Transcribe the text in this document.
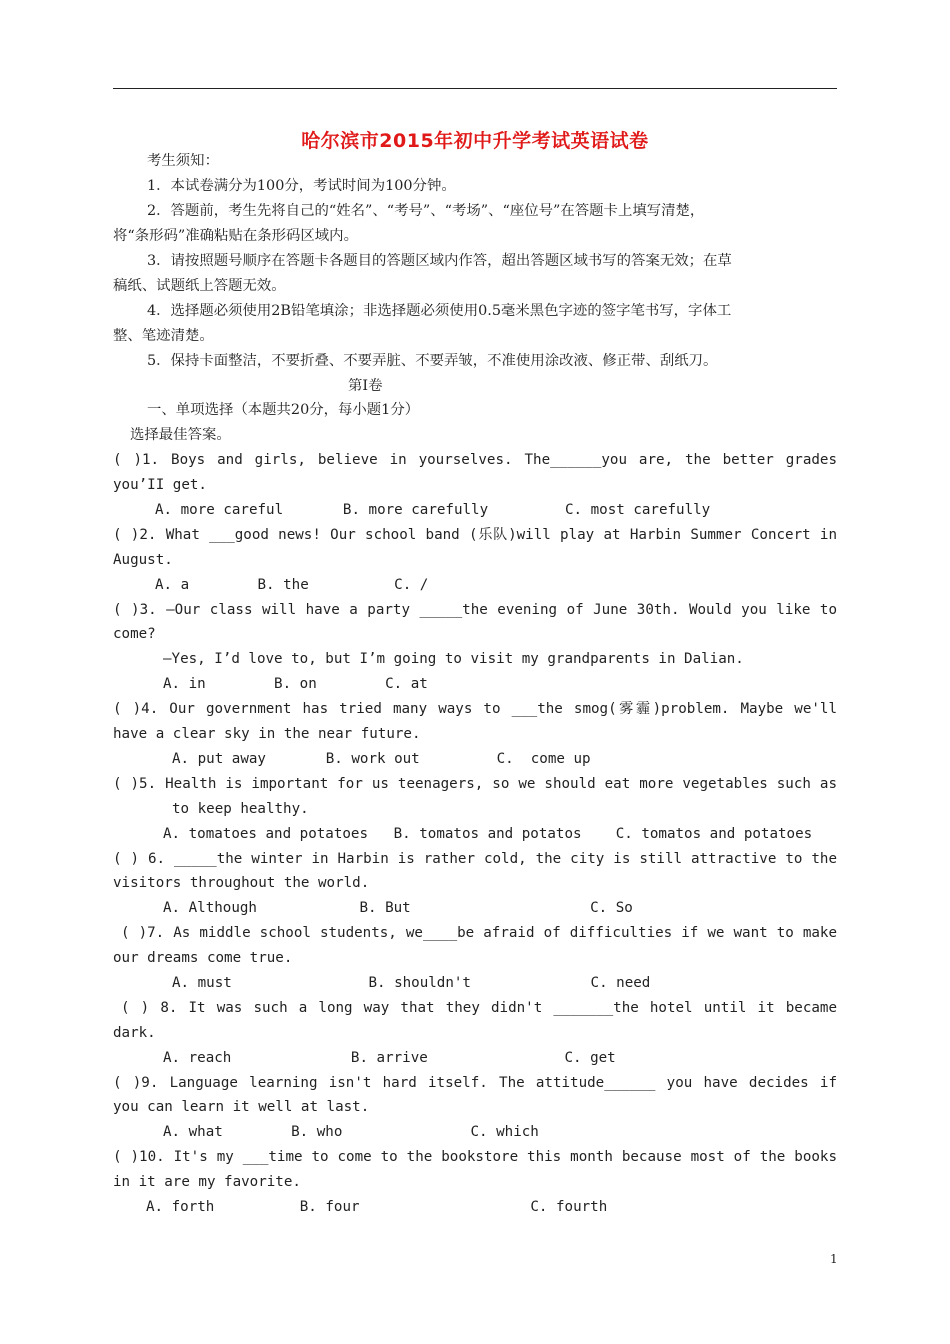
哈尔滨市2015年初中升学考试英语试卷
考生须知：
1．本试卷满分为100分，考试时间为100分钟。
2．答题前，考生先将自己的“姓名”、“考号”、“考场”、“座位号”在答题卡上填写清楚，
将“条形码”准确粘贴在条形码区域内。
3．请按照题号顺序在答题卡各题目的答题区域内作答，超出答题区域书写的答案无效；在草
稿纸、试题纸上答题无效。
4．选择题必须使用2B铅笔填涂；非选择题必须使用0.5毫米黑色字迹的签字笔书写，字体工
整、笔迹清楚。
5．保持卡面整洁，不要折叠、不要弄脏、不要弄皱，不准使用涂改液、修正带、刮纸刀。
第Ⅰ卷
一、单项选择（本题共20分，每小题1分）
选择最佳答案。
( )1. Boys and girls, believe in yourselves. The______you are, the better grades
you’II get.
A. more careful       B. more carefully         C. most carefully
( )2. What ___good news! Our school band (乐队)will play at Harbin Summer Concert in
August.
A. a        B. the          C. /
( )3. —Our class will have a party _____the evening of June 30th. Would you like to
come?
—Yes, I’d love to, but I’m going to visit my grandparents in Dalian.
A. in        B. on        C. at
( )4. Our government has tried many ways to ___the smog(雾霾)problem. Maybe we'll
have a clear sky in the near future.
A. put away       B. work out         C.  come up
( )5. Health is important for us teenagers, so we should eat more vegetables such as
to keep healthy.
A. tomatoes and potatoes   B. tomatos and potatos    C. tomatos and potatoes
( ) 6. _____the winter in Harbin is rather cold, the city is still attractive to the
visitors throughout the world.
A. Although            B. But                     C. So
( )7. As middle school students, we____be afraid of difficulties if we want to make
our dreams come true.
A. must                B. shouldn't              C. need
( ) 8. It was such a long way that they didn't _______the hotel until it became
dark.
A. reach              B. arrive                C. get
( )9. Language learning isn't hard itself. The attitude______ you have decides if
you can learn it well at last.
A. what        B. who               C. which
( )10. It's my ___time to come to the bookstore this month because most of the books
in it are my favorite.
A. forth          B. four                    C. fourth
1
